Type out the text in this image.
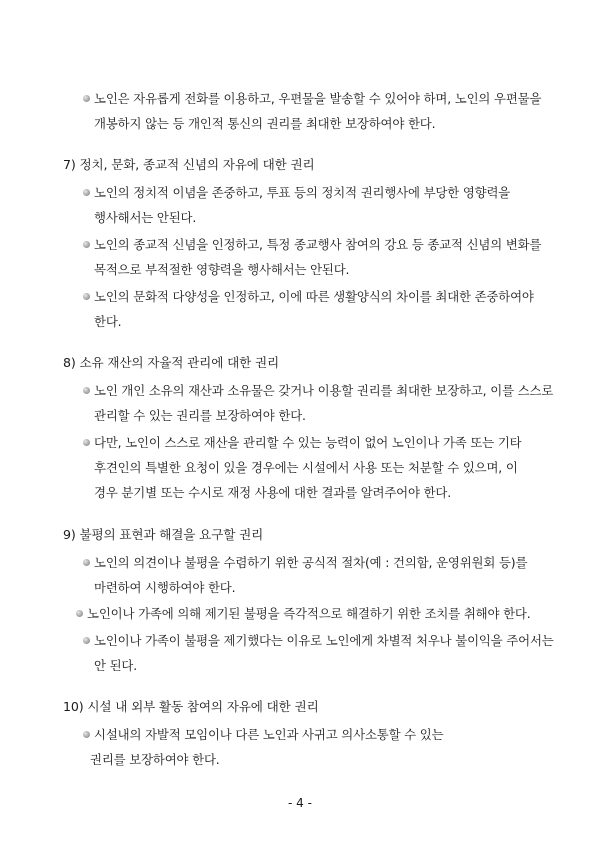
노인은 자유롭게 전화를 이용하고, 우편물을 발송할 수 있어야 하며, 노인의 우편물을
개봉하지 않는 등 개인적 통신의 권리를 최대한 보장하여야 한다.
7) 정치, 문화, 종교적 신념의 자유에 대한 권리
노인의 정치적 이념을 존중하고, 투표 등의 정치적 권리행사에 부당한 영향력을
행사해서는 안된다.
노인의 종교적 신념을 인정하고, 특정 종교행사 참여의 강요 등 종교적 신념의 변화를
목적으로 부적절한 영향력을 행사해서는 안된다.
노인의 문화적 다양성을 인정하고, 이에 따른 생활양식의 차이를 최대한 존중하여야
한다.
8) 소유 재산의 자율적 관리에 대한 권리
노인 개인 소유의 재산과 소유물은 갖거나 이용할 권리를 최대한 보장하고, 이를 스스로
관리할 수 있는 권리를 보장하여야 한다.
다만, 노인이 스스로 재산을 관리할 수 있는 능력이 없어 노인이나 가족 또는 기타
후견인의 특별한 요청이 있을 경우에는 시설에서 사용 또는 처분할 수 있으며, 이
경우 분기별 또는 수시로 재정 사용에 대한 결과를 알려주어야 한다.
9) 불평의 표현과 해결을 요구할 권리
노인의 의견이나 불평을 수렴하기 위한 공식적 절차(예 : 건의함, 운영위원회 등)를
마련하여 시행하여야 한다.
노인이나 가족에 의해 제기된 불평을 즉각적으로 해결하기 위한 조치를 취해야 한다.
노인이나 가족이 불평을 제기했다는 이유로 노인에게 차별적 처우나 불이익을 주어서는
안 된다.
10) 시설 내 외부 활동 참여의 자유에 대한 권리
시설내의 자발적 모임이나 다른 노인과 사귀고 의사소통할 수 있는
권리를 보장하여야 한다.
- 4 -
